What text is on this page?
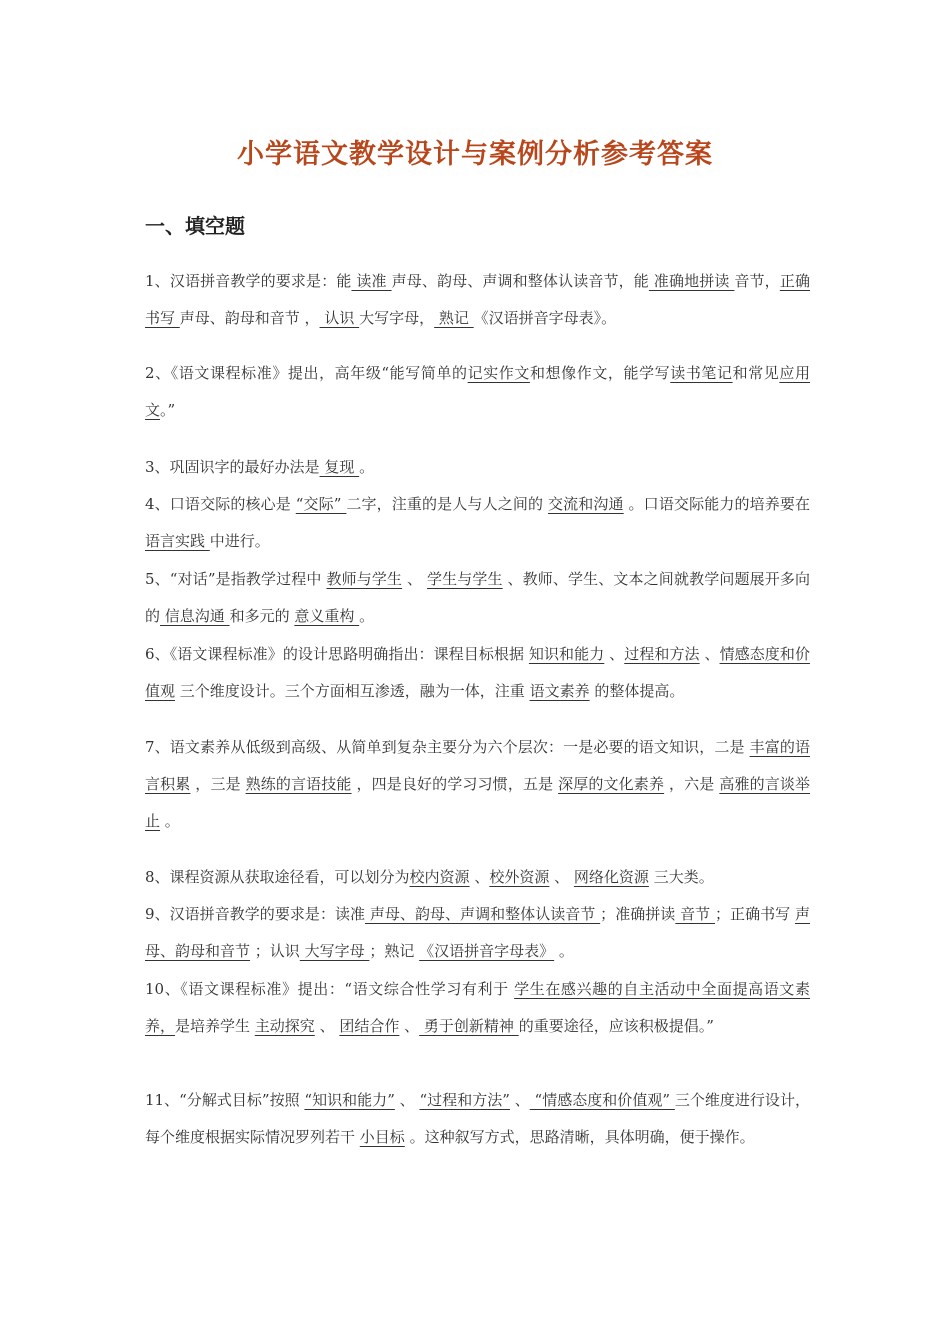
小学语文教学设计与案例分析参考答案
一、填空题
1、汉语拼音教学的要求是：能 读准 声母、韵母、声调和整体认读音节，能 准确地拼读 音节，正确书写 声母、韵母和音节 ， 认识 大写字母， 熟记 《汉语拼音字母表》。
2、《语文课程标准》提出，高年级“能写简单的记实作文和想像作文，能学写读书笔记和常见应用文。”
3、巩固识字的最好办法是 复现 。
4、口语交际的核心是 “交际” 二字，注重的是人与人之间的 交流和沟通 。口语交际能力的培养要在 语言实践 中进行。
5、“对话”是指教学过程中 教师与学生 、 学生与学生 、教师、学生、文本之间就教学问题展开多向的 信息沟通 和多元的 意义重构 。
6、《语文课程标准》的设计思路明确指出：课程目标根据 知识和能力 、过程和方法 、情感态度和价值观 三个维度设计。三个方面相互渗透，融为一体，注重 语文素养 的整体提高。
7、语文素养从低级到高级、从简单到复杂主要分为六个层次：一是必要的语文知识，二是 丰富的语言积累 ，三是 熟练的言语技能 ，四是良好的学习习惯，五是 深厚的文化素养 ，六是 高雅的言谈举止 。
8、课程资源从获取途径看，可以划分为校内资源 、校外资源 、 网络化资源 三大类。
9、汉语拼音教学的要求是：读准 声母、韵母、声调和整体认读音节 ；准确拼读 音节 ；正确书写 声母、韵母和音节 ；认识 大写字母 ；熟记 《汉语拼音字母表》 。
10、《语文课程标准》提出：“语文综合性学习有利于 学生在感兴趣的自主活动中全面提高语文素养，是培养学生 主动探究 、 团结合作 、 勇于创新精神 的重要途径，应该积极提倡。”
11、“分解式目标”按照 “知识和能力” 、 “过程和方法” 、 “情感态度和价值观” 三个维度进行设计，每个维度根据实际情况罗列若干 小目标 。这种叙写方式，思路清晰，具体明确，便于操作。
